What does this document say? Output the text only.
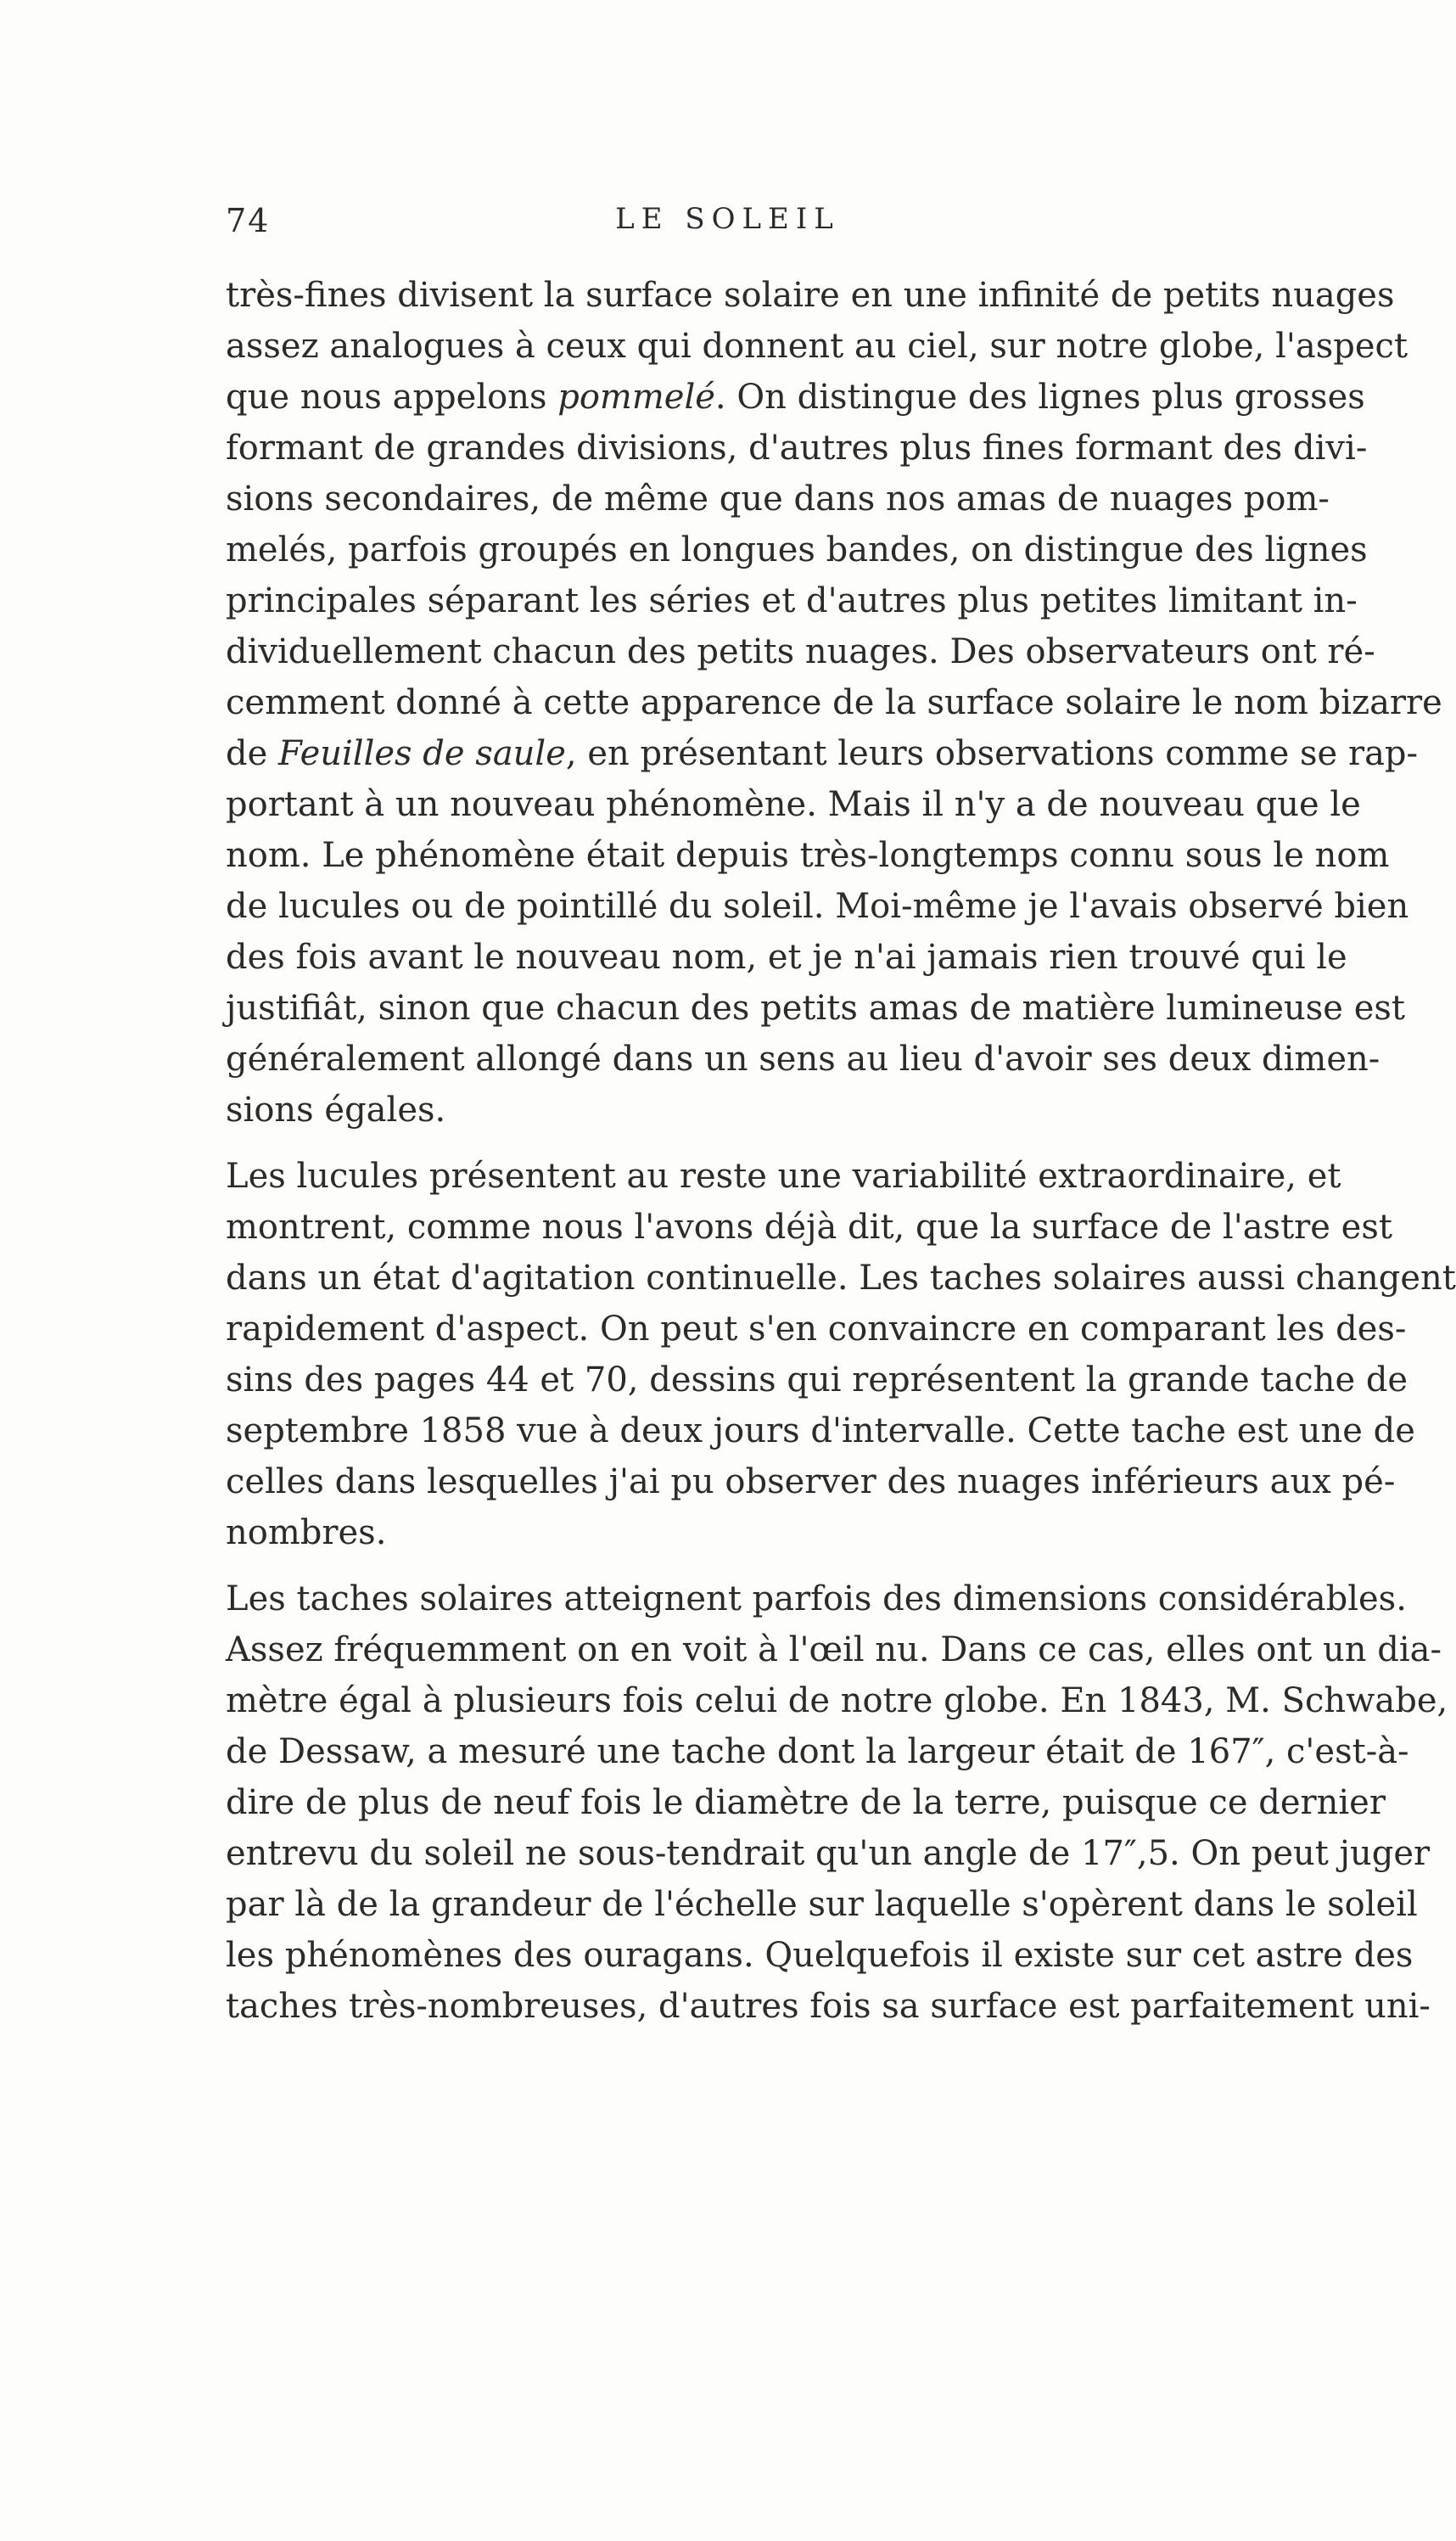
74	LE SOLEIL
très-fines divisent la surface solaire en une infinité de petits nuages
assez analogues à ceux qui donnent au ciel, sur notre globe, l'aspect
que nous appelons pommelé. On distingue des lignes plus grosses
formant de grandes divisions, d'autres plus fines formant des divi-
sions secondaires, de même que dans nos amas de nuages pom-
melés, parfois groupés en longues bandes, on distingue des lignes
principales séparant les séries et d'autres plus petites limitant in-
dividuellement chacun des petits nuages. Des observateurs ont ré-
cemment donné à cette apparence de la surface solaire le nom bizarre
de Feuilles de saule, en présentant leurs observations comme se rap-
portant à un nouveau phénomène. Mais il n'y a de nouveau que le
nom. Le phénomène était depuis très-longtemps connu sous le nom
de lucules ou de pointillé du soleil. Moi-même je l'avais observé bien
des fois avant le nouveau nom, et je n'ai jamais rien trouvé qui le
justifiât, sinon que chacun des petits amas de matière lumineuse est
généralement allongé dans un sens au lieu d'avoir ses deux dimen-
sions égales.
Les lucules présentent au reste une variabilité extraordinaire, et
montrent, comme nous l'avons déjà dit, que la surface de l'astre est
dans un état d'agitation continuelle. Les taches solaires aussi changent
rapidement d'aspect. On peut s'en convaincre en comparant les des-
sins des pages 44 et 70, dessins qui représentent la grande tache de
septembre 1858 vue à deux jours d'intervalle. Cette tache est une de
celles dans lesquelles j'ai pu observer des nuages inférieurs aux pé-
nombres.
Les taches solaires atteignent parfois des dimensions considérables.
Assez fréquemment on en voit à l'œil nu. Dans ce cas, elles ont un dia-
mètre égal à plusieurs fois celui de notre globe. En 1843, M. Schwabe,
de Dessaw, a mesuré une tache dont la largeur était de 167″, c'est-à-
dire de plus de neuf fois le diamètre de la terre, puisque ce dernier
entrevu du soleil ne sous-tendrait qu'un angle de 17″,5. On peut juger
par là de la grandeur de l'échelle sur laquelle s'opèrent dans le soleil
les phénomènes des ouragans. Quelquefois il existe sur cet astre des
taches très-nombreuses, d'autres fois sa surface est parfaitement uni-
